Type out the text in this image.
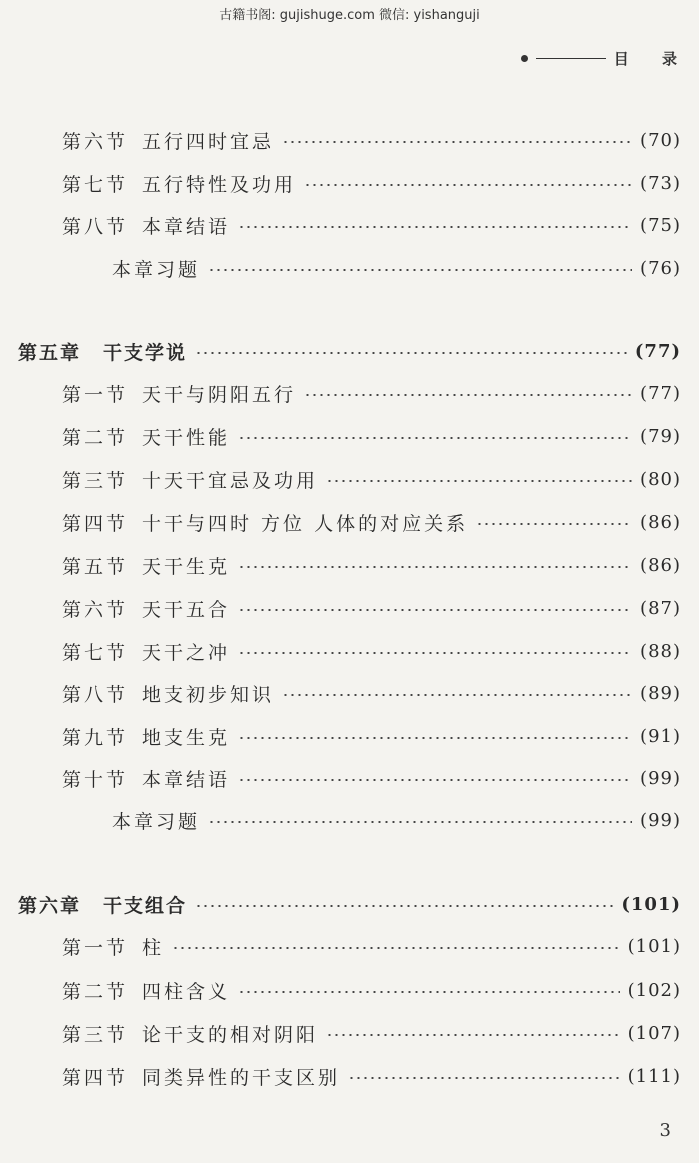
古籍书阁: gujishuge.com 微信: yishanguji
目 录
第六节 五行四时宜忌	(70)
第七节 五行特性及功用	(73)
第八节 本章结语	(75)
本章习题	(76)
第五章 干支学说	(77)
第一节 天干与阴阳五行	(77)
第二节 天干性能	(79)
第三节 十天干宜忌及功用	(80)
第四节 十干与四时 方位 人体的对应关系	(86)
第五节 天干生克	(86)
第六节 天干五合	(87)
第七节 天干之冲	(88)
第八节 地支初步知识	(89)
第九节 地支生克	(91)
第十节 本章结语	(99)
本章习题	(99)
第六章 干支组合	(101)
第一节 柱	(101)
第二节 四柱含义	(102)
第三节 论干支的相对阴阳	(107)
第四节 同类异性的干支区别	(111)
3
